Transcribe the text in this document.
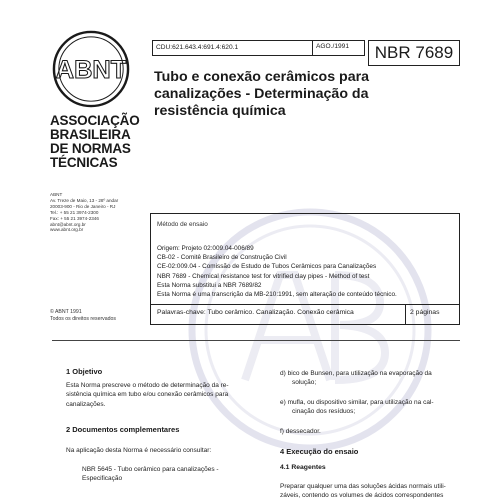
ABNT
ASSOCIAÇÃO
BRASILEIRA
DE NORMAS
TÉCNICAS
ABNT
Av. Treze de Maio, 13 - 28º andar
20003-900 - Rio de Janeiro - RJ
Tel.: + 55 21 3974-2300
Fax: + 55 21 3974-2346
abnt@abnt.org.br
www.abnt.org.br
© ABNT 1991
Todos os direitos reservados
CDU:621.643.4:691.4:620.1	AGO./1991	NBR 7689
Tubo e conexão cerâmicos para
canalizações - Determinação da
resistência química
Método de ensaio
Origem: Projeto 02:009.04-006/89
CB-02 - Comitê Brasileiro de Construção Civil
CE-02:009.04 - Comissão de Estudo de Tubos Cerâmicos para Canalizações
NBR 7689 - Chemical resistance test for vitrified clay pipes - Method of test
Esta Norma substitui a NBR 7689/82
Esta Norma é uma transcrição da MB-210:1991, sem alteração de conteúdo técnico.
Palavras-chave: Tubo cerâmico. Canalização. Conexão cerâmica	2 páginas
1 Objetivo
Esta Norma prescreve o método de determinação da re-
sistência química em tubo e/ou conexão cerâmicos para
canalizações.
2 Documentos complementares
Na aplicação desta Norma é necessário consultar:
NBR 5645 - Tubo cerâmico para canalizações -
Especificação
d) bico de Bunsen, para utilização na evaporação da
solução;
e) mufla, ou dispositivo similar, para utilização na cal-
cinação dos resíduos;
f) dessecador.
4 Execução do ensaio
4.1 Reagentes
Preparar qualquer uma das soluções ácidas normais utili-
záveis, contendo os volumes de ácidos correspondentes
